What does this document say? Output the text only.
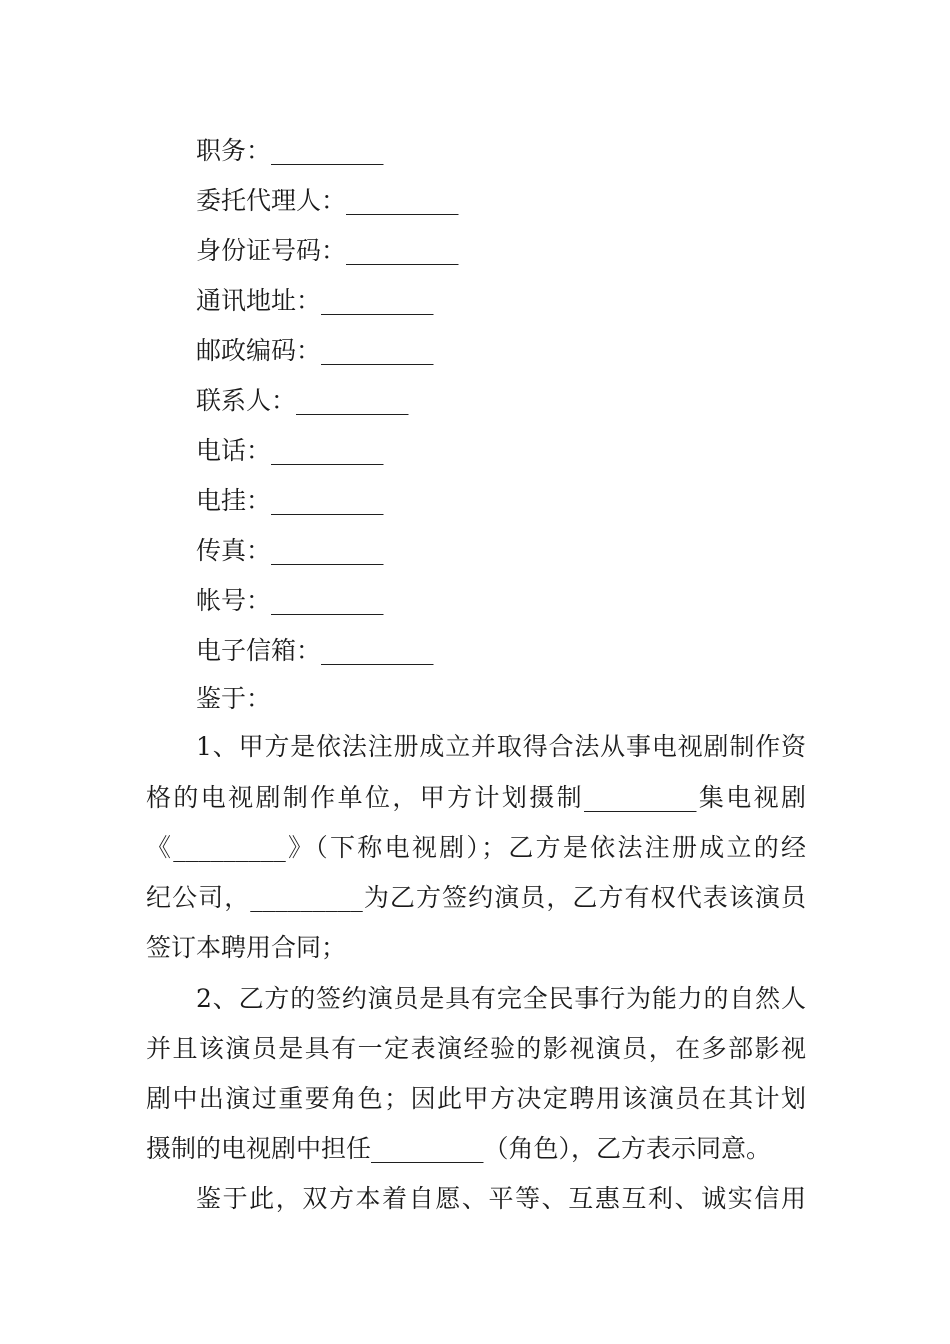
职务：_________
委托代理人：_________
身份证号码：_________
通讯地址：_________
邮政编码：_________
联系人：_________
电话：_________
电挂：_________
传真：_________
帐号：_________
电子信箱：_________
鉴于：
1、甲方是依法注册成立并取得合法从事电视剧制作资
格的电视剧制作单位，甲方计划摄制_________集电视剧
《_________》（下称电视剧）；乙方是依法注册成立的经
纪公司，_________为乙方签约演员，乙方有权代表该演员
签订本聘用合同；
2、乙方的签约演员是具有完全民事行为能力的自然人
并且该演员是具有一定表演经验的影视演员，在多部影视
剧中出演过重要角色；因此甲方决定聘用该演员在其计划
摄制的电视剧中担任_________（角色），乙方表示同意。
鉴于此，双方本着自愿、平等、互惠互利、诚实信用
